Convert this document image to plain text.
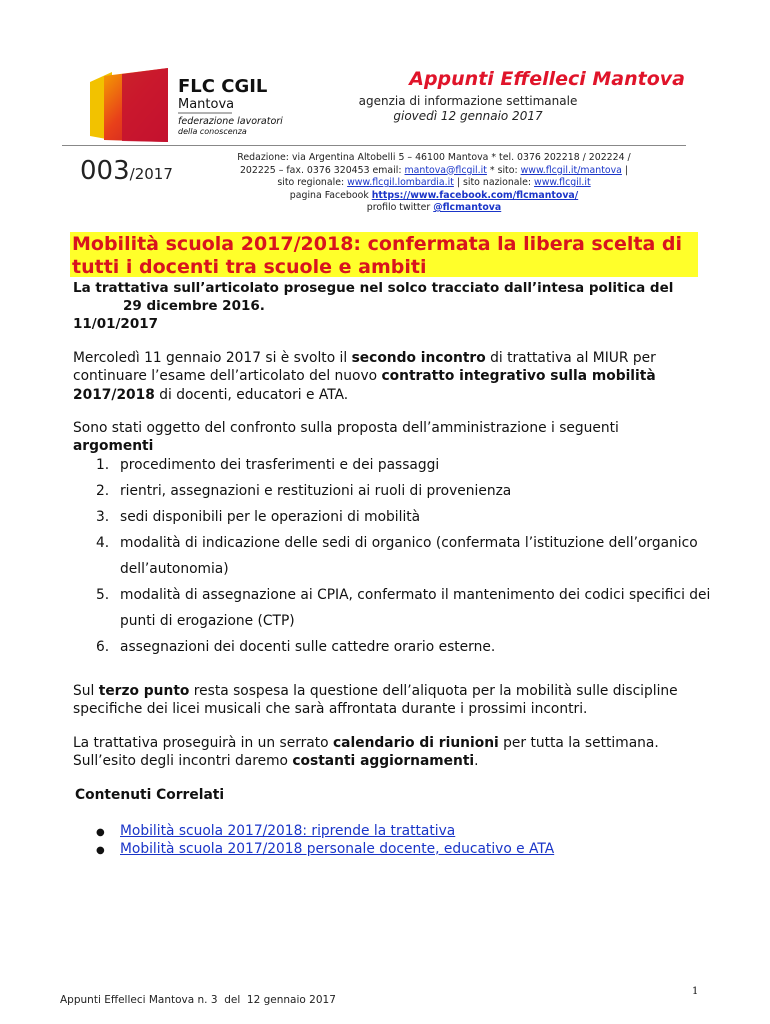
FLC CGIL
Mantova
federazione lavoratori
della conoscenza
Appunti Effelleci Mantova
agenzia di informazione settimanale
giovedì 12 gennaio 2017
003/2017
Redazione: via Argentina Altobelli 5 – 46100 Mantova * tel. 0376 202218 / 202224 /
202225 – fax. 0376 320453 email: mantova@flcgil.it * sito: www.flcgil.it/mantova |
sito regionale: www.flcgil.lombardia.it | sito nazionale: www.flcgil.it
pagina Facebook https://www.facebook.com/flcmantova/
profilo twitter @flcmantova
Mobilità scuola 2017/2018: confermata la libera scelta di tutti i docenti tra scuole e ambiti
La trattativa sull’articolato prosegue nel solco tracciato dall’intesa politica del
29 dicembre 2016.
11/01/2017
Mercoledì 11 gennaio 2017 si è svolto il secondo incontro di trattativa al MIUR per continuare l’esame dell’articolato del nuovo contratto integrativo sulla mobilità 2017/2018 di docenti, educatori e ATA.
Sono stati oggetto del confronto sulla proposta dell’amministrazione i seguenti argomenti
1. procedimento dei trasferimenti e dei passaggi
2. rientri, assegnazioni e restituzioni ai ruoli di provenienza
3. sedi disponibili per le operazioni di mobilità
4. modalità di indicazione delle sedi di organico (confermata l’istituzione dell’organico dell’autonomia)
5. modalità di assegnazione ai CPIA, confermato il mantenimento dei codici specifici dei punti di erogazione (CTP)
6. assegnazioni dei docenti sulle cattedre orario esterne.
Sul terzo punto resta sospesa la questione dell’aliquota per la mobilità sulle discipline specifiche dei licei musicali che sarà affrontata durante i prossimi incontri.
La trattativa proseguirà in un serrato calendario di riunioni per tutta la settimana. Sull’esito degli incontri daremo costanti aggiornamenti.
Contenuti Correlati
● Mobilità scuola 2017/2018: riprende la trattativa
● Mobilità scuola 2017/2018 personale docente, educativo e ATA
1
Appunti Effelleci Mantova n. 3  del  12 gennaio 2017
